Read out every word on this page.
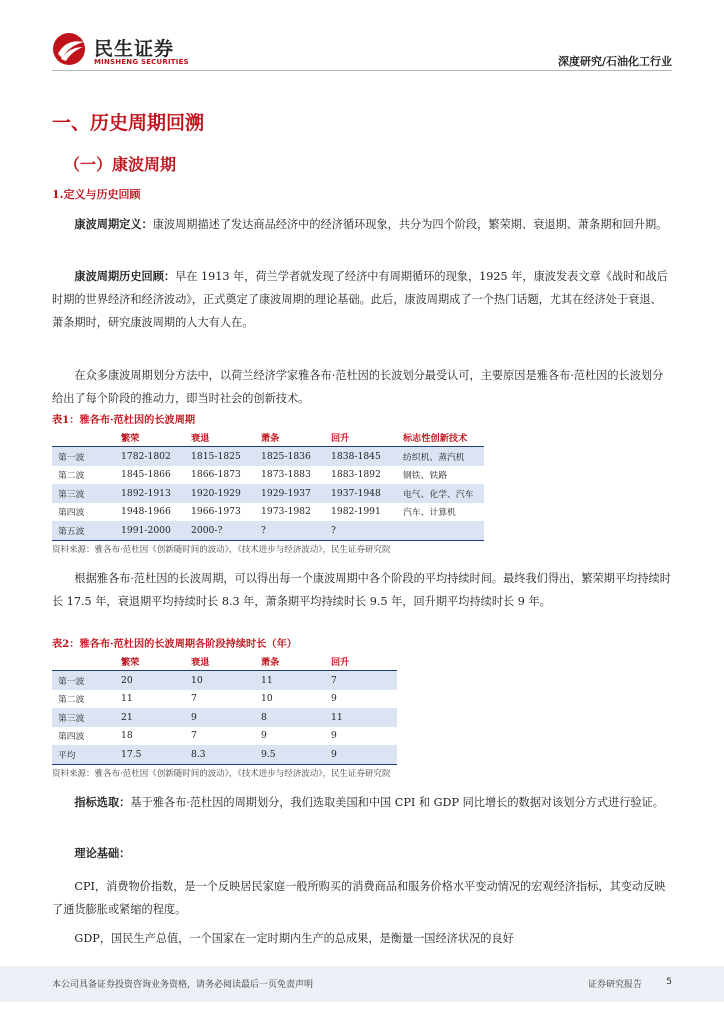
民生证券
MINSHENG SECURITIES	深度研究/石油化工行业
一、历史周期回溯
（一）康波周期
1.定义与历史回顾

康波周期定义：康波周期描述了发达商品经济中的经济循环现象，共分为四个阶段，繁荣期、衰退期、萧条期和回升期。

康波周期历史回顾：早在 1913 年，荷兰学者就发现了经济中有周期循环的现象，1925 年，康波发表文章《战时和战后时期的世界经济和经济波动》，正式奠定了康波周期的理论基础。此后，康波周期成了一个热门话题，尤其在经济处于衰退、萧条期时，研究康波周期的人大有人在。

在众多康波周期划分方法中，以荷兰经济学家雅各布·范杜因的长波划分最受认可，主要原因是雅各布·范杜因的长波划分给出了每个阶段的推动力，即当时社会的创新技术。

表1：雅各布·范杜因的长波周期
	繁荣	衰退	萧条	回升	标志性创新技术
第一波	1782-1802	1815-1825	1825-1836	1838-1845	纺织机、蒸汽机
第二波	1845-1866	1866-1873	1873-1883	1883-1892	钢铁、铁路
第三波	1892-1913	1920-1929	1929-1937	1937-1948	电气、化学、汽车
第四波	1948-1966	1966-1973	1973-1982	1982-1991	汽车、计算机
第五波	1991-2000	2000-?	?	?	
资料来源：雅各布·范杜因《创新随时间的波动》，《技术进步与经济波动》，民生证券研究院

根据雅各布·范杜因的长波周期，可以得出每一个康波周期中各个阶段的平均持续时间。最终我们得出，繁荣期平均持续时长 17.5 年，衰退期平均持续时长 8.3 年，萧条期平均持续时长 9.5 年，回升期平均持续时长 9 年。

表2：雅各布·范杜因的长波周期各阶段持续时长（年）
	繁荣	衰退	萧条	回升
第一波	20	10	11	7
第二波	11	7	10	9
第三波	21	9	8	11
第四波	18	7	9	9
平均	17.5	8.3	9.5	9
资料来源：雅各布·范杜因《创新随时间的波动》，《技术进步与经济波动》，民生证券研究院

指标选取：基于雅各布·范杜因的周期划分，我们选取美国和中国 CPI 和 GDP 同比增长的数据对该划分方式进行验证。

理论基础：

CPI，消费物价指数，是一个反映居民家庭一般所购买的消费商品和服务价格水平变动情况的宏观经济指标，其变动反映了通货膨胀或紧缩的程度。

GDP，国民生产总值，一个国家在一定时期内生产的总成果，是衡量一国经济状况的良好

本公司具备证券投资咨询业务资格，请务必阅读最后一页免责声明	证券研究报告	5
